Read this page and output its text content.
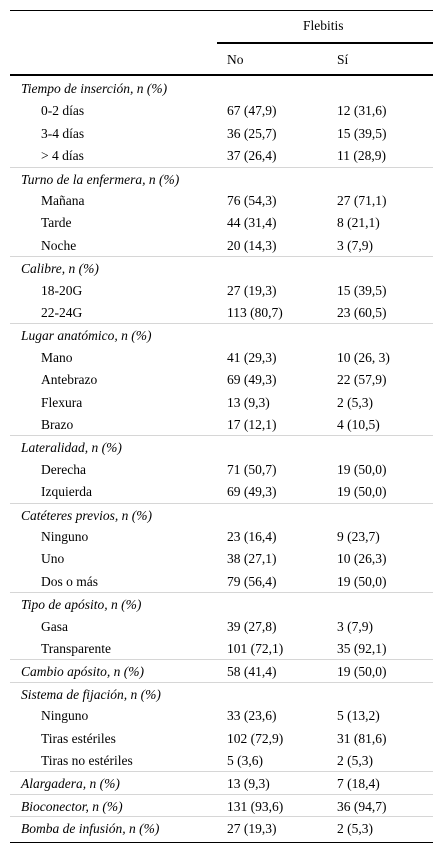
Flebitis
No	Sí
Tiempo de inserción, n (%)
0-2 días	67 (47,9)	12 (31,6)
3-4 días	36 (25,7)	15 (39,5)
> 4 días	37 (26,4)	11 (28,9)
Turno de la enfermera, n (%)
Mañana	76 (54,3)	27 (71,1)
Tarde	44 (31,4)	8 (21,1)
Noche	20 (14,3)	3 (7,9)
Calibre, n (%)
18-20G	27 (19,3)	15 (39,5)
22-24G	113 (80,7)	23 (60,5)
Lugar anatómico, n (%)
Mano	41 (29,3)	10 (26, 3)
Antebrazo	69 (49,3)	22 (57,9)
Flexura	13 (9,3)	2 (5,3)
Brazo	17 (12,1)	4 (10,5)
Lateralidad, n (%)
Derecha	71 (50,7)	19 (50,0)
Izquierda	69 (49,3)	19 (50,0)
Catéteres previos, n (%)
Ninguno	23 (16,4)	9 (23,7)
Uno	38 (27,1)	10 (26,3)
Dos o más	79 (56,4)	19 (50,0)
Tipo de apósito, n (%)
Gasa	39 (27,8)	3 (7,9)
Transparente	101 (72,1)	35 (92,1)
Cambio apósito, n (%)	58 (41,4)	19 (50,0)
Sistema de fijación, n (%)
Ninguno	33 (23,6)	5 (13,2)
Tiras estériles	102 (72,9)	31 (81,6)
Tiras no estériles	5 (3,6)	2 (5,3)
Alargadera, n (%)	13 (9,3)	7 (18,4)
Bioconector, n (%)	131 (93,6)	36 (94,7)
Bomba de infusión, n (%)	27 (19,3)	2 (5,3)
